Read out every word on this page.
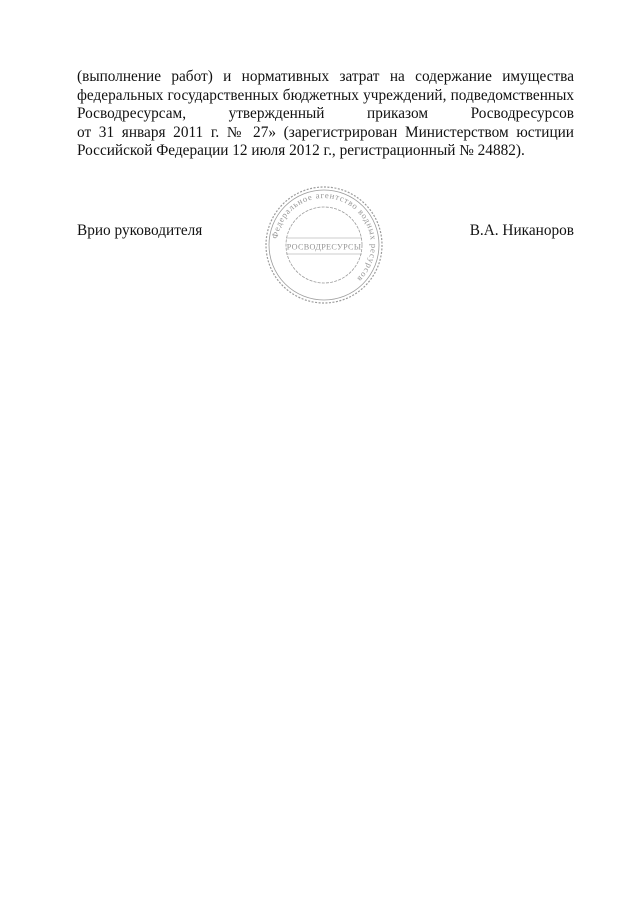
(выполнение работ) и нормативных затрат на содержание имущества
федеральных государственных бюджетных учреждений, подведомственных
Росводресурсам, утвержденный приказом Росводресурсов
от 31 января 2011 г. № 27» (зарегистрирован Министерством юстиции
Российской Федерации 12 июля 2012 г., регистрационный № 24882).
Врио руководителя	Федеральное агентство водных ресурсов
РОСВОДРЕСУРСЫ
В.А. Никаноров
